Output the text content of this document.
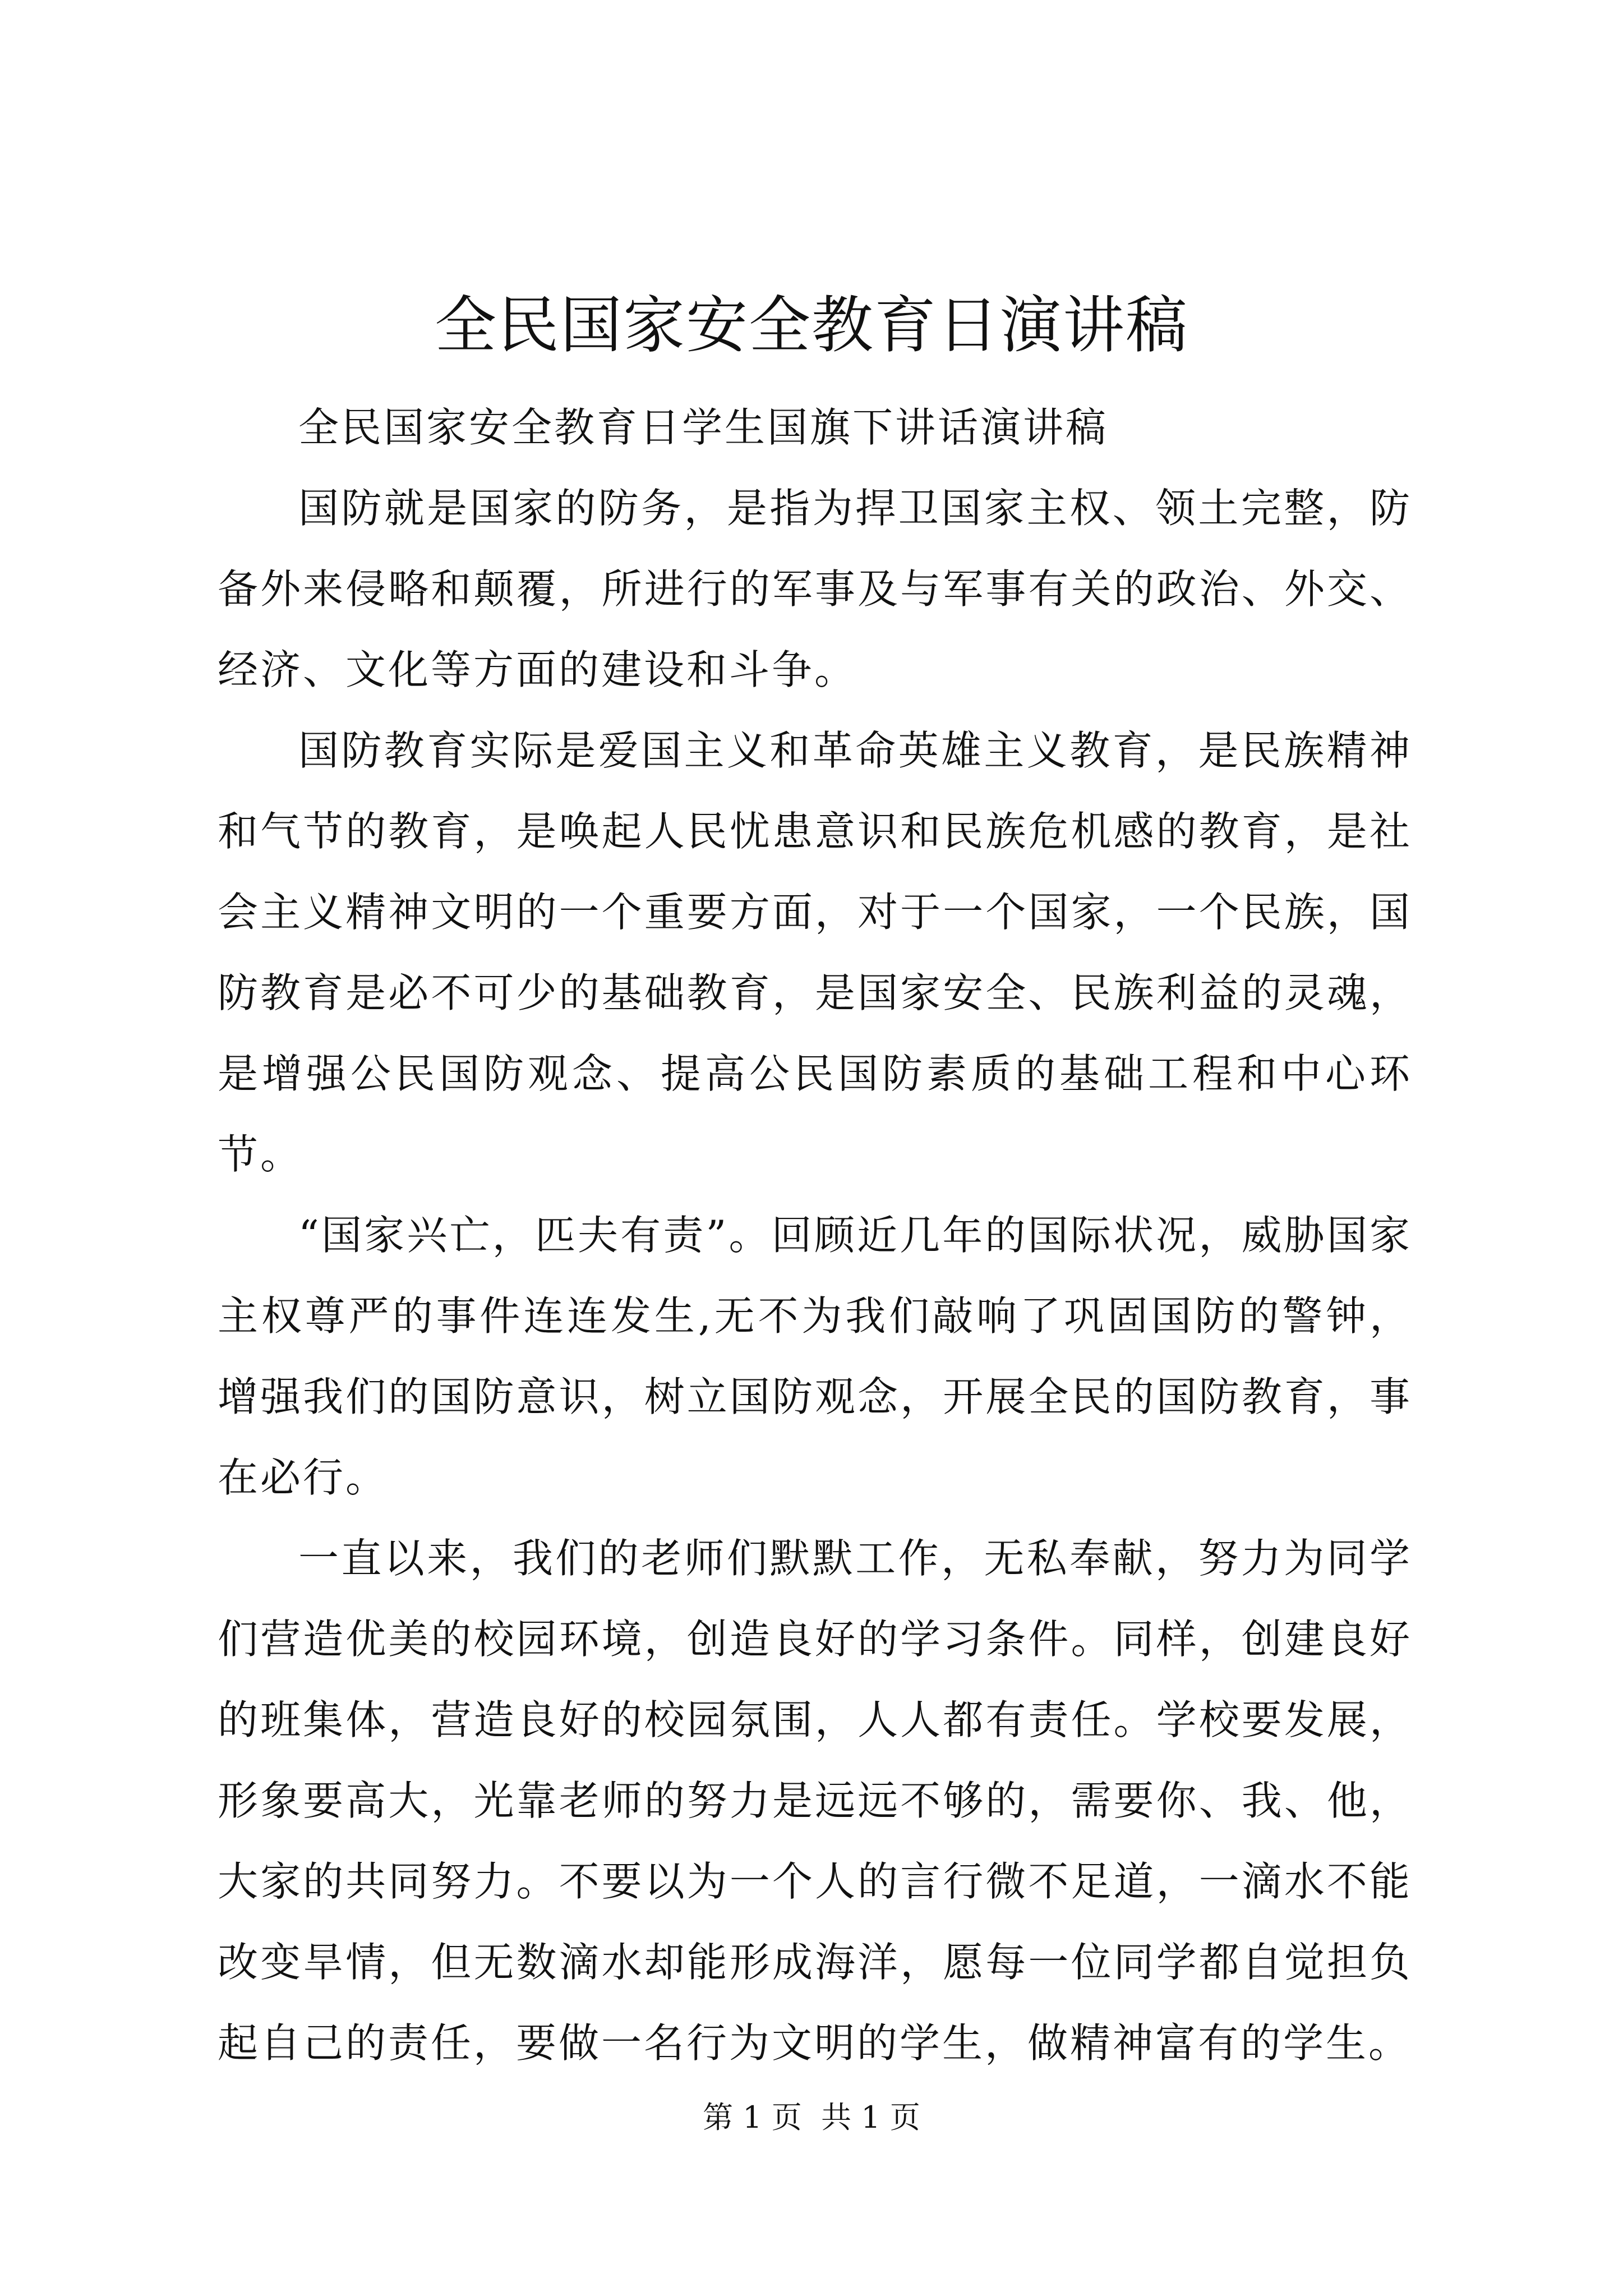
全民国家安全教育日演讲稿

全民国家安全教育日学生国旗下讲话演讲稿

国防就是国家的防务，是指为捍卫国家主权、领土完整，防备外来侵略和颠覆，所进行的军事及与军事有关的政治、外交、经济、文化等方面的建设和斗争。

国防教育实际是爱国主义和革命英雄主义教育，是民族精神和气节的教育，是唤起人民忧患意识和民族危机感的教育，是社会主义精神文明的一个重要方面，对于一个国家，一个民族，国防教育是必不可少的基础教育，是国家安全、民族利益的灵魂，是增强公民国防观念、提高公民国防素质的基础工程和中心环节。

“国家兴亡，匹夫有责”。回顾近几年的国际状况，威胁国家主权尊严的事件连连发生,无不为我们敲响了巩固国防的警钟，增强我们的国防意识，树立国防观念，开展全民的国防教育，事在必行。

一直以来，我们的老师们默默工作，无私奉献，努力为同学们营造优美的校园环境，创造良好的学习条件。同样，创建良好的班集体，营造良好的校园氛围，人人都有责任。学校要发展，形象要高大，光靠老师的努力是远远不够的，需要你、我、他，大家的共同努力。不要以为一个人的言行微不足道，一滴水不能改变旱情，但无数滴水却能形成海洋，愿每一位同学都自觉担负起自己的责任，要做一名行为文明的学生，做精神富有的学生。

第 1 页  共 1 页
